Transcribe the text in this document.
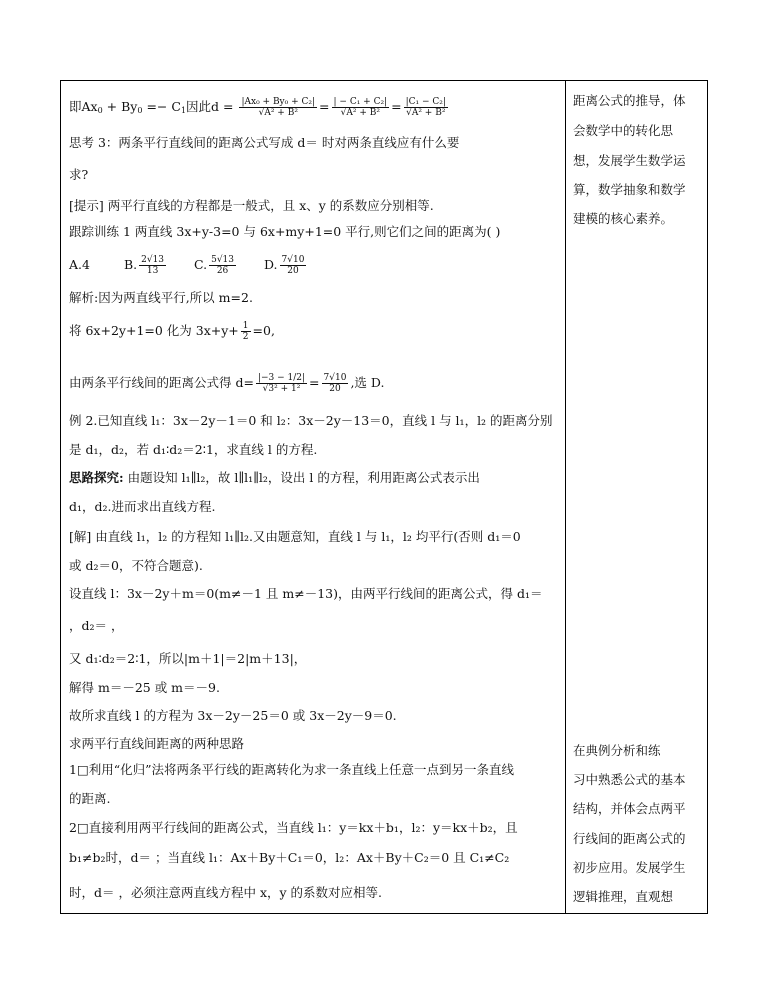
即$Ax_0 + By_0 =- C_1$因此$d = \frac{\text{|Ax₀ + By₀ + C₂|}}{\text{√A² + B²}} = \frac{\text{| − C₁ + C₂|}}{\text{√A² + B²}} = \frac{\text{|C₁ − C₂|}}{\text{√A² + B²}}$
思考 3：两条平行直线间的距离公式写成 d＝ 时对两条直线应有什么要
求?
[提示] 两平行直线的方程都是一般式，且 x、y 的系数应分别相等.
跟踪训练 1 两直线 3x+y-3=0 与 6x+my+1=0 平行,则它们之间的距离为( )
A.4	B. $\frac{2√13}{13} C$. $\frac{5√13}{26} D$. $\frac{7√10}{20}$
解析:因为两直线平行,所以 m=2.
将 6x+2y+1=0 化为 $3x+y+ \frac{1}{2} =0$,
由两条平行线间的距离公式得 $d= \frac{|-3 - 1/2|}{\text{√3² + 1²}} = \frac{7√10}{20}$ ,选 D.
例 2.已知直线 l₁：3x－2y－1＝0 和 l₂：3x－2y－13＝0，直线 l 与 l₁，l₂ 的距离分别
是 d₁，d₂，若 d₁∶d₂＝2∶1，求直线 l 的方程.
思路探究: 由题设知 l₁∥l₂，故 l∥l₁∥l₂，设出 l 的方程，利用距离公式表示出
d₁，d₂.进而求出直线方程.
[解] 由直线 l₁，l₂ 的方程知 l₁∥l₂.又由题意知，直线 l 与 l₁，l₂ 均平行(否则 d₁＝0
或 d₂＝0，不符合题意).
设直线 l：3x－2y＋m＝0(m≠－1 且 m≠－13)，由两平行线间的距离公式，得 d₁＝
，d₂＝ ，
又 d₁∶d₂＝2∶1，所以|m＋1|＝2|m＋13|，
解得 m＝－25 或 m＝－9.
故所求直线 l 的方程为 3x－2y－25＝0 或 3x－2y－9＝0.
求两平行直线间距离的两种思路
1□利用“化归”法将两条平行线的距离转化为求一条直线上任意一点到另一条直线
的距离.
2□直接利用两平行线间的距离公式，当直线 l₁：y＝kx＋b₁，l₂：y＝kx＋b₂，且
b₁≠b₂时，d＝ ；当直线 l₁：Ax＋By＋C₁＝0，l₂：Ax＋By＋C₂＝0 且 C₁≠C₂
时，d＝ ，必须注意两直线方程中 x，y 的系数对应相等.
距离公式的推导，体
会数学中的转化思
想，发展学生数学运
算，数学抽象和数学
建模的核心素养。
在典例分析和练
习中熟悉公式的基本
结构，并体会点两平
行线间的距离公式的
初步应用。发展学生
逻辑推理，直观想
